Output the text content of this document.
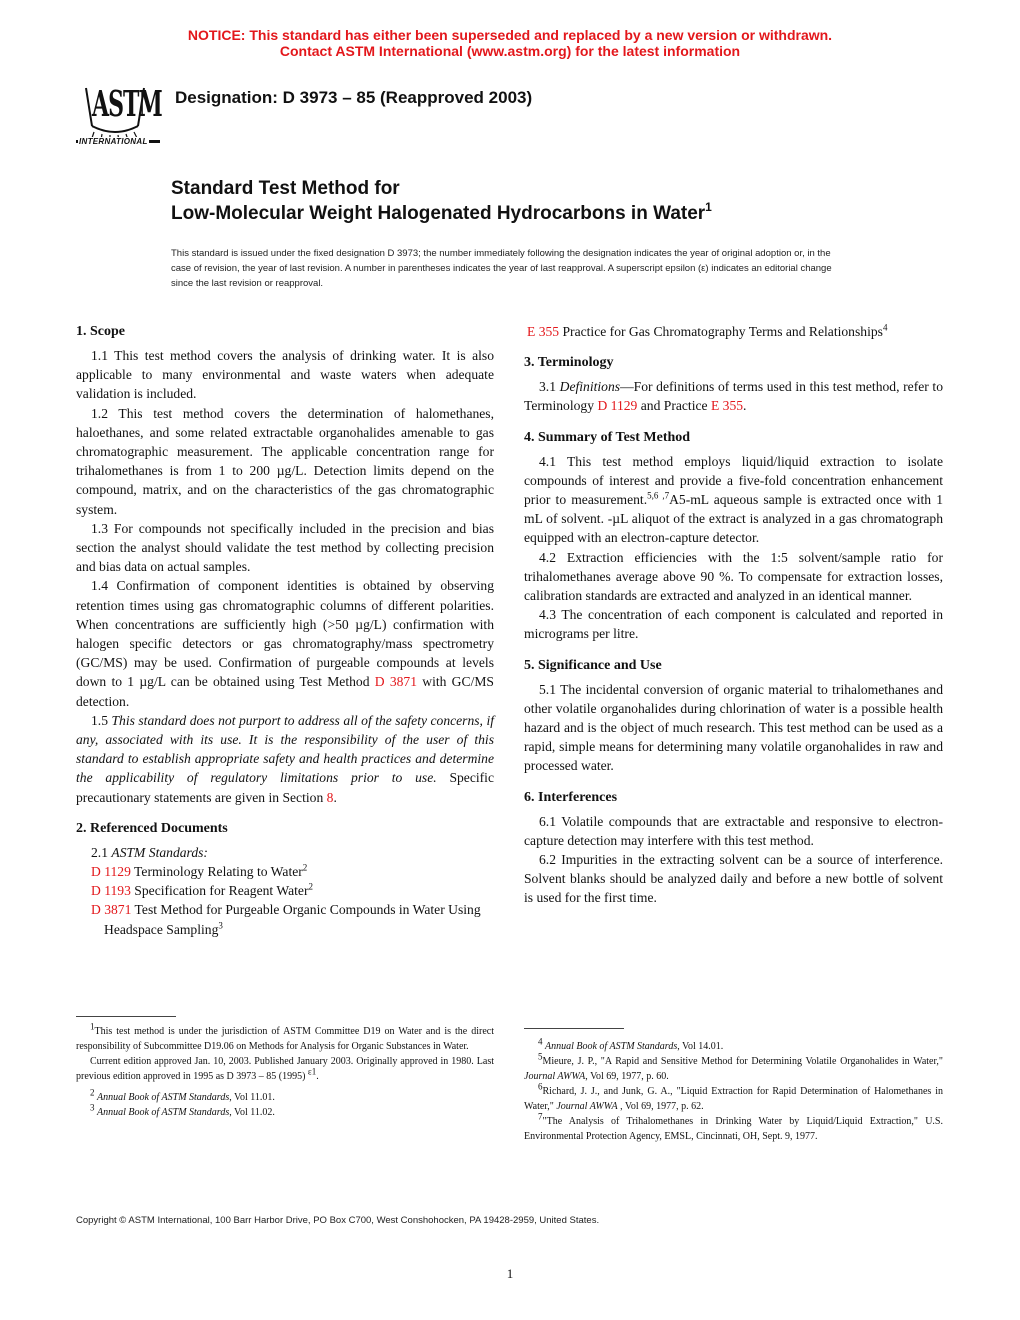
NOTICE: This standard has either been superseded and replaced by a new version or withdrawn.
Contact ASTM International (www.astm.org) for the latest information
ASTM
INTERNATIONAL
Designation: D 3973 – 85 (Reapproved 2003)
Standard Test Method for
Low-Molecular Weight Halogenated Hydrocarbons in Water$^1$
This standard is issued under the fixed designation D 3973; the number immediately following the designation indicates the year of original adoption or, in the case of revision, the year of last revision. A number in parentheses indicates the year of last reapproval. A superscript epsilon (ε) indicates an editorial change since the last revision or reapproval.
1. Scope

1.1 This test method covers the analysis of drinking water. It is also applicable to many environmental and waste waters when adequate validation is included.

1.2 This test method covers the determination of halomethanes, haloethanes, and some related extractable organohalides amenable to gas chromatographic measurement. The applicable concentration range for trihalomethanes is from 1 to 200 µg/L. Detection limits depend on the compound, matrix, and on the characteristics of the gas chromatographic system.

1.3 For compounds not specifically included in the precision and bias section the analyst should validate the test method by collecting precision and bias data on actual samples.

1.4 Confirmation of component identities is obtained by observing retention times using gas chromatographic columns of different polarities. When concentrations are sufficiently high (>50 µg/L) confirmation with halogen specific detectors or gas chromatography/mass spectrometry (GC/MS) may be used. Confirmation of purgeable compounds at levels down to 1 µg/L can be obtained using Test Method D 3871 with GC/MS detection.

1.5 This standard does not purport to address all of the safety concerns, if any, associated with its use. It is the responsibility of the user of this standard to establish appropriate safety and health practices and determine the applicability of regulatory limitations prior to use. Specific precautionary statements are given in Section 8.

2. Referenced Documents

2.1 ASTM Standards:

D 1129 Terminology Relating to Water$^2$

D 1193 Specification for Reagent Water$^2$

D 3871 Test Method for Purgeable Organic Compounds in Water Using Headspace Sampling$^3$

E 355 Practice for Gas Chromatography Terms and Relationships$^4$

3. Terminology

3.1 Definitions—For definitions of terms used in this test method, refer to Terminology D 1129 and Practice E 355.

4. Summary of Test Method

4.1 This test method employs liquid/liquid extraction to isolate compounds of interest and provide a five-fold concentration enhancement prior to measurement.$^{5,6 ,7}$A5-mL aqueous sample is extracted once with 1 mL of solvent. -µL aliquot of the extract is analyzed in a gas chromatograph equipped with an electron-capture detector.

4.2 Extraction efficiencies with the 1:5 solvent/sample ratio for trihalomethanes average above 90 %. To compensate for extraction losses, calibration standards are extracted and analyzed in an identical manner.

4.3 The concentration of each component is calculated and reported in micrograms per litre.

5. Significance and Use

5.1 The incidental conversion of organic material to trihalomethanes and other volatile organohalides during chlorination of water is a possible health hazard and is the object of much research. This test method can be used as a rapid, simple means for determining many volatile organohalides in raw and processed water.

6. Interferences

6.1 Volatile compounds that are extractable and responsive to electron-capture detection may interfere with this test method.

6.2 Impurities in the extracting solvent can be a source of interference. Solvent blanks should be analyzed daily and before a new bottle of solvent is used for the first time.

$^1$This test method is under the jurisdiction of ASTM Committee D19 on Water and is the direct responsibility of Subcommittee D19.06 on Methods for Analysis for Organic Substances in Water.

Current edition approved Jan. 10, 2003. Published January 2003. Originally approved in 1980. Last previous edition approved in 1995 as D 3973 – 85 (1995) $^{\varepsilon 1}$.

$^2$ Annual Book of ASTM Standards, Vol 11.01.

$^3$ Annual Book of ASTM Standards, Vol 11.02.

$^4$ Annual Book of ASTM Standards, Vol 14.01.

$^5$Mieure, J. P., "A Rapid and Sensitive Method for Determining Volatile Organohalides in Water," Journal AWWA, Vol 69, 1977, p. 60.

$^6$Richard, J. J., and Junk, G. A., "Liquid Extraction for Rapid Determination of Halomethanes in Water," Journal AWWA , Vol 69, 1977, p. 62.

$^7$"The Analysis of Trihalomethanes in Drinking Water by Liquid/Liquid Extraction," U.S. Environmental Protection Agency, EMSL, Cincinnati, OH, Sept. 9, 1977.

Copyright © ASTM International, 100 Barr Harbor Drive, PO Box C700, West Conshohocken, PA 19428-2959, United States.
1
